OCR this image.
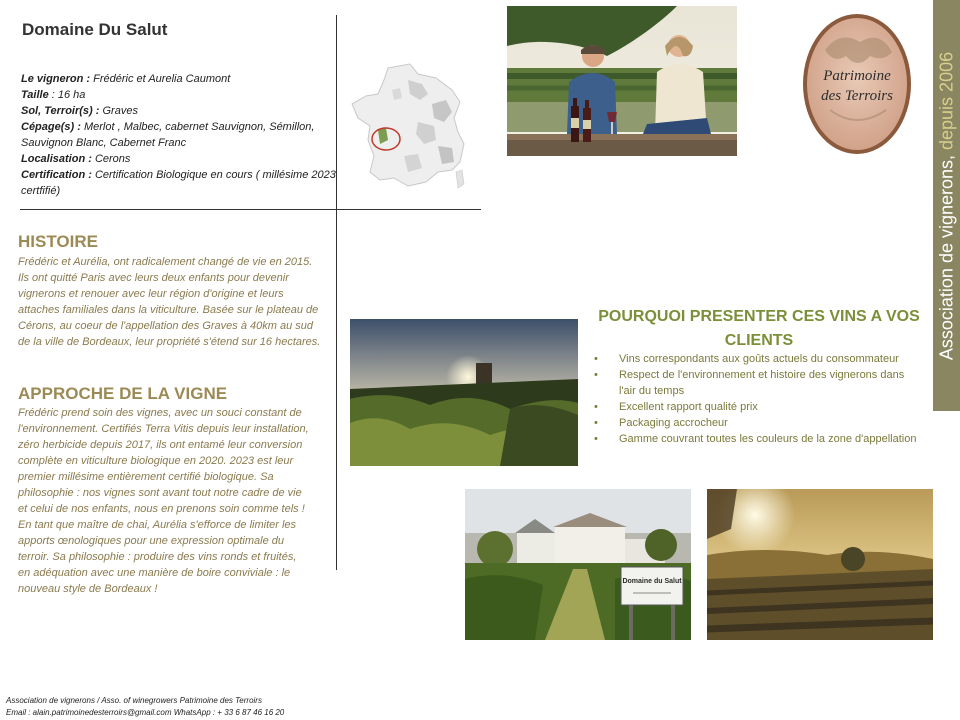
Domaine Du Salut
Le vigneron : Frédéric et Aurelia Caumont
Taille : 16 ha
Sol, Terroir(s) : Graves
Cépage(s) : Merlot , Malbec, cabernet Sauvignon, Sémillon, Sauvignon Blanc, Cabernet Franc
Localisation : Cerons
Certification : Certification Biologique en cours ( millésime 2023 certfifié)
HISTOIRE
Frédéric et Aurélia, ont radicalement changé de vie en 2015. Ils ont quitté Paris avec leurs deux enfants pour devenir vignerons et renouer avec leur région d'origine et leurs attaches familiales dans la viticulture. Basée sur le plateau de Cérons, au coeur de l'appellation des Graves à 40km au sud de la ville de Bordeaux, leur propriété s'étend sur 16 hectares.
APPROCHE DE LA VIGNE
Frédéric prend soin des vignes, avec un souci constant de l'environnement. Certifiés Terra Vitis depuis leur installation, zéro herbicide depuis 2017, ils ont entamé leur conversion complète en viticulture biologique en 2020. 2023 est leur premier millésime entièrement certifié biologique. Sa philosophie : nos vignes sont avant tout notre cadre de vie et celui de nos enfants, nous en prenons soin comme tels ! En tant que maître de chai, Aurélia s'efforce de limiter les apports œnologiques pour une expression optimale du terroir. Sa philosophie : produire des vins ronds et fruités, en adéquation avec une manière de boire conviviale : le nouveau style de Bordeaux !
Patrimoine
des Terroirs
Association de vignerons, depuis 2006
POURQUOI PRESENTER CES VINS A VOS CLIENTS
• Vins correspondants aux goûts actuels du consommateur
• Respect de l'environnement et histoire des vignerons dans l'air du temps
• Excellent rapport qualité prix
• Packaging accrocheur
• Gamme couvrant toutes les couleurs de la zone d'appellation
Domaine du Salut
Association de vignerons / Asso. of winegrowers Patrimoine des Terroirs
Email : alain.patrimoinedesterroirs@gmail.com WhatsApp : + 33 6 87 46 16 20
